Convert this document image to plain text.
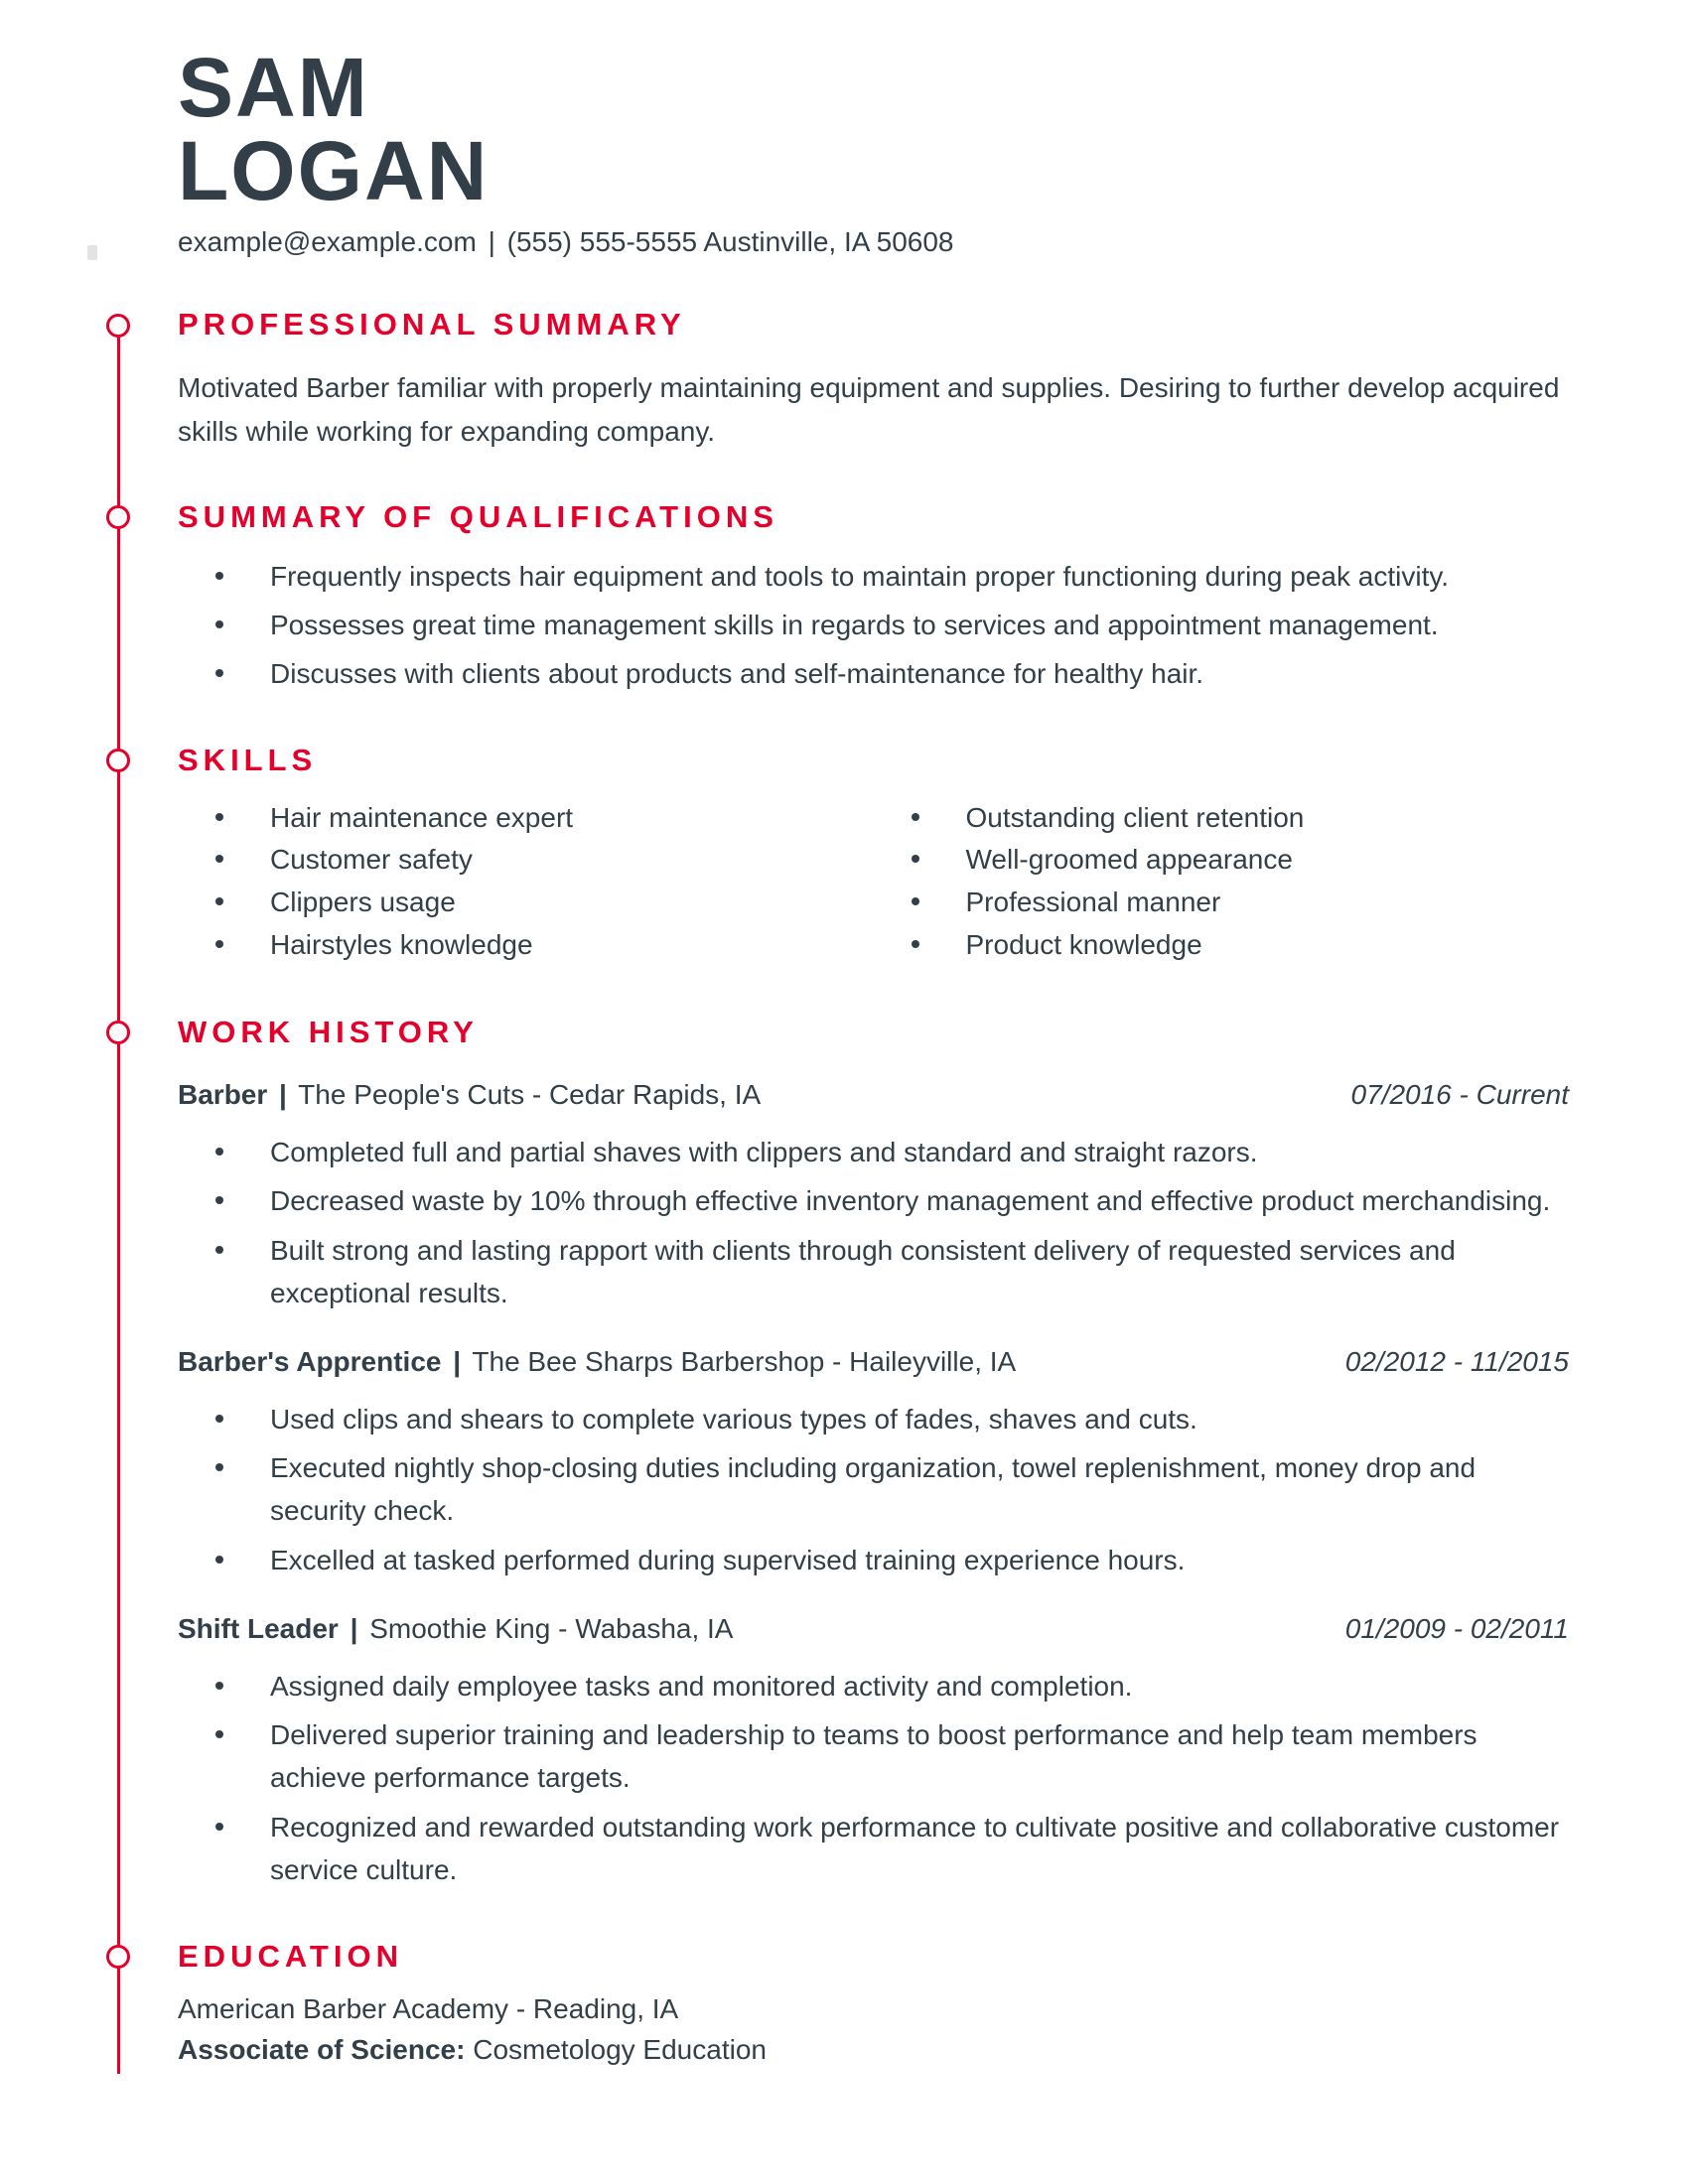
SAM
LOGAN

example@example.com | (555) 555-5555 Austinville, IA 50608

PROFESSIONAL SUMMARY

Motivated Barber familiar with properly maintaining equipment and supplies. Desiring to further develop acquired skills while working for expanding company.

SUMMARY OF QUALIFICATIONS
Frequently inspects hair equipment and tools to maintain proper functioning during peak activity.
Possesses great time management skills in regards to services and appointment management.
Discusses with clients about products and self-maintenance for healthy hair.
SKILLS
Hair maintenance expert
Customer safety
Clippers usage
Hairstyles knowledge
Outstanding client retention
Well-groomed appearance
Professional manner
Product knowledge
WORK HISTORY

Barber | The People's Cuts - Cedar Rapids, IA	07/2016 - Current

Completed full and partial shaves with clippers and standard and straight razors.
Decreased waste by 10% through effective inventory management and effective product merchandising.
Built strong and lasting rapport with clients through consistent delivery of requested services and exceptional results.

Barber's Apprentice | The Bee Sharps Barbershop - Haileyville, IA	02/2012 - 11/2015

Used clips and shears to complete various types of fades, shaves and cuts.
Executed nightly shop-closing duties including organization, towel replenishment, money drop and security check.
Excelled at tasked performed during supervised training experience hours.

Shift Leader | Smoothie King - Wabasha, IA	01/2009 - 02/2011

Assigned daily employee tasks and monitored activity and completion.
Delivered superior training and leadership to teams to boost performance and help team members achieve performance targets.
Recognized and rewarded outstanding work performance to cultivate positive and collaborative customer service culture.
EDUCATION

American Barber Academy - Reading, IA

Associate of Science: Cosmetology Education
